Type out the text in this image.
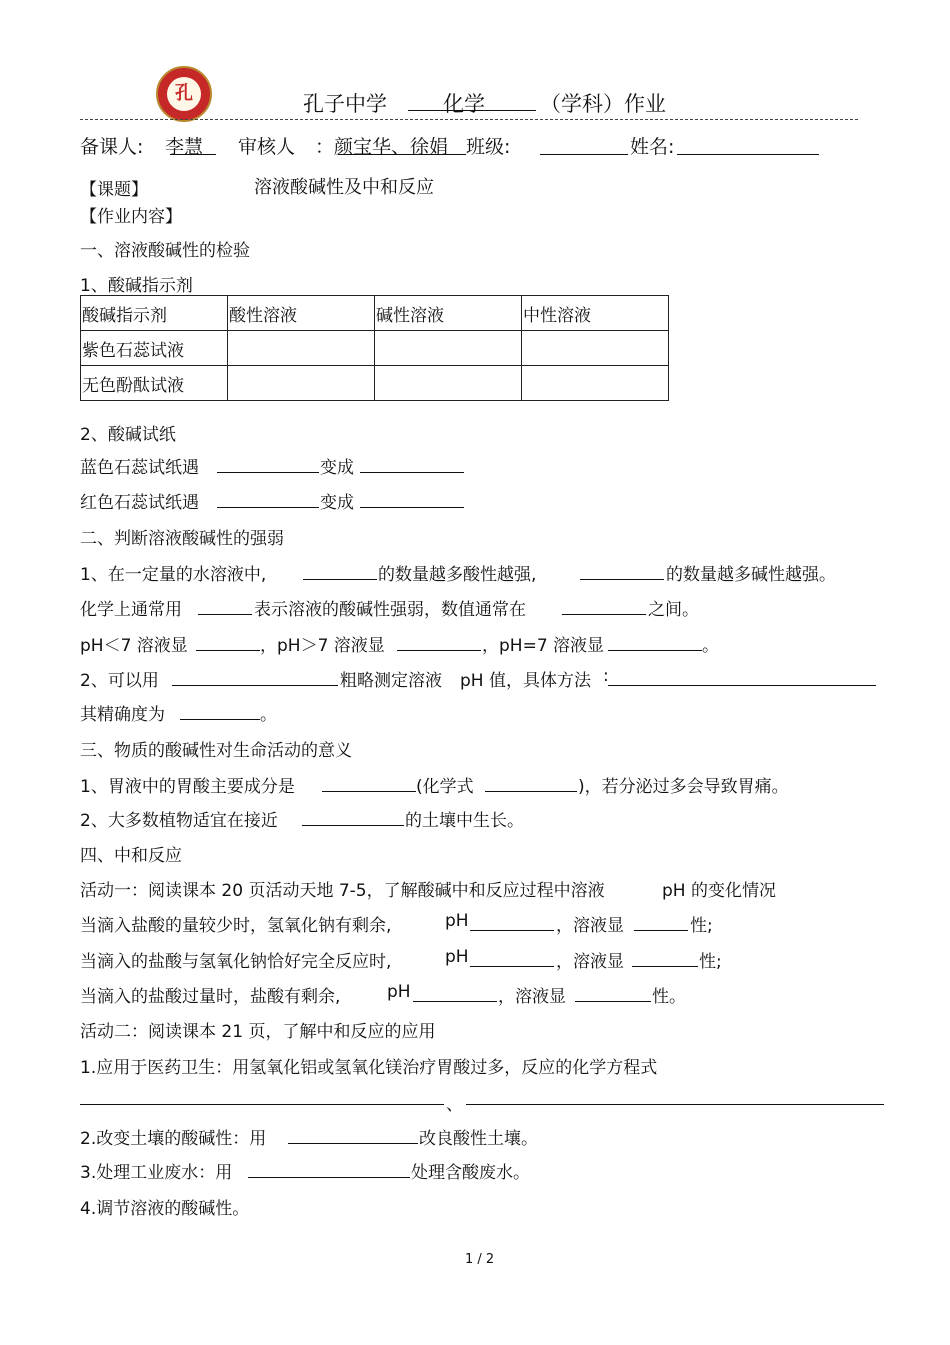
孔	孔子中学	化学	（学科）作业
备课人: 李慧 审核人 ：颜宝华、徐娟 班级:	姓名:
【课题】	溶液酸碱性及中和反应
【作业内容】
一、溶液酸碱性的检验
1、酸碱指示剂
酸碱指示剂	酸性溶液	碱性溶液	中性溶液
紫色石蕊试液			
无色酚酞试液			
2、酸碱试纸
蓝色石蕊试纸遇	变成
红色石蕊试纸遇	变成
二、判断溶液酸碱性的强弱
1、在一定量的水溶液中,	的数量越多酸性越强,	的数量越多碱性越强。
化学上通常用	表示溶液的酸碱性强弱，数值通常在	之间。
pH＜7 溶液显	，pH＞7 溶液显	，pH=7 溶液显	。
2、可以用	粗略测定溶液 pH 值，具体方法 :
其精确度为	。
三、物质的酸碱性对生命活动的意义
1、胃液中的胃酸主要成分是	(化学式	)，若分泌过多会导致胃痛。
2、大多数植物适宜在接近	的土壤中生长。
四、中和反应
活动一：阅读课本 20 页活动天地 7-5，了解酸碱中和反应过程中溶液	pH 的变化情况
当滴入盐酸的量较少时，氢氧化钠有剩余,	pH	，溶液显	性;
当滴入的盐酸与氢氧化钠恰好完全反应时,	pH	，溶液显	性;
当滴入的盐酸过量时，盐酸有剩余,	pH	，溶液显	性。
活动二：阅读课本 21 页，了解中和反应的应用
1.应用于医药卫生：用氢氧化铝或氢氧化镁治疗胃酸过多，反应的化学方程式
、
2.改变土壤的酸碱性：用	改良酸性土壤。
3.处理工业废水：用	处理含酸废水。
4.调节溶液的酸碱性。
1 / 2
